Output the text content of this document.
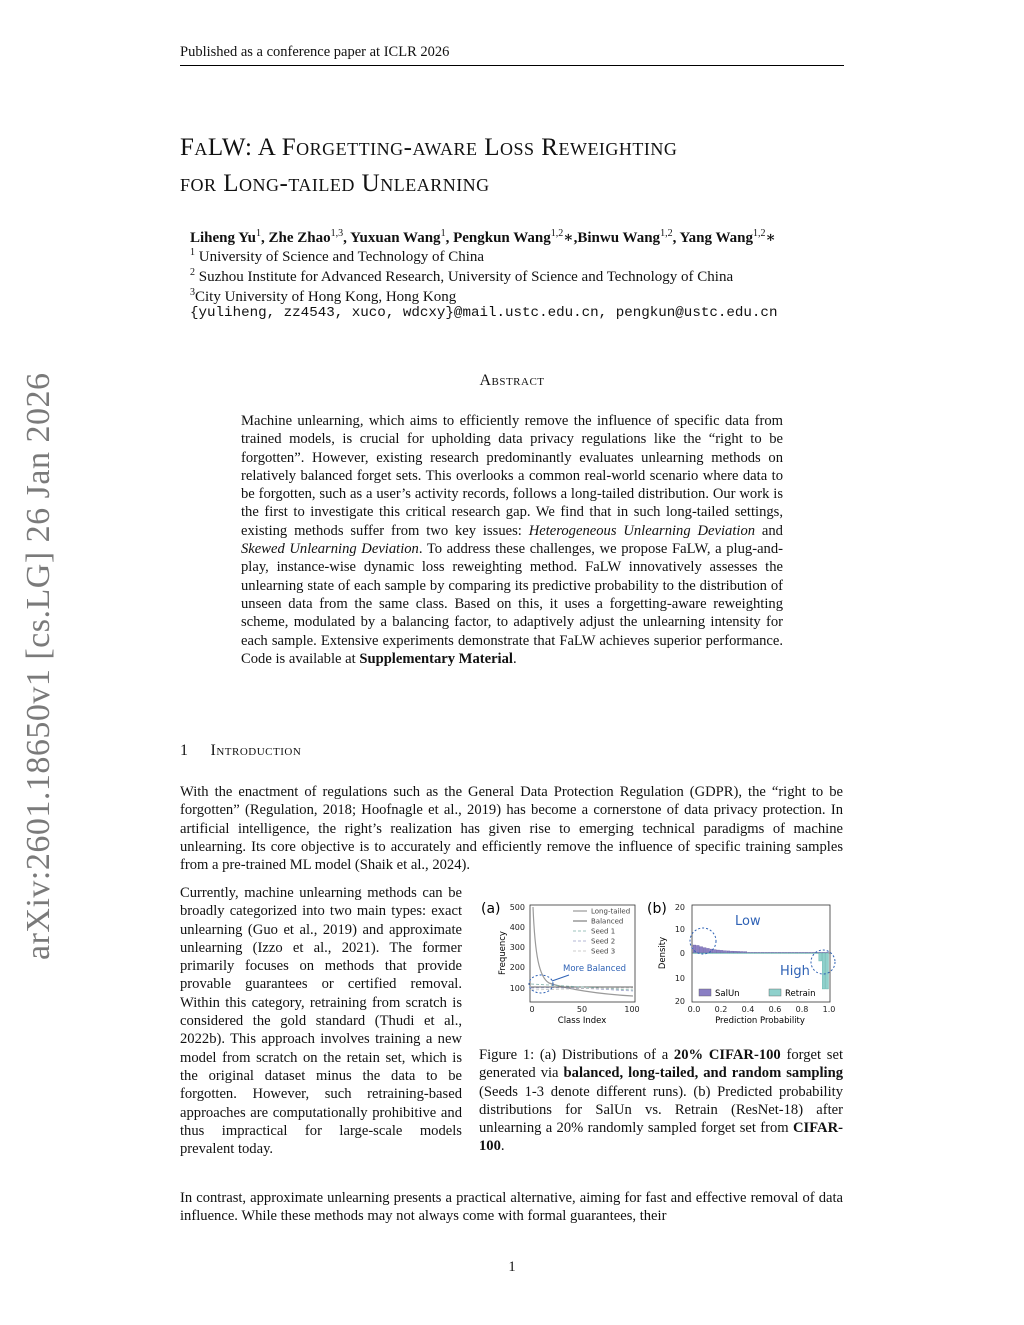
Published as a conference paper at ICLR 2026
arXiv:2601.18650v1 [cs.LG] 26 Jan 2026
FaLW: A Forgetting-aware Loss Reweighting
for Long-tailed Unlearning
Liheng Yu$^1$, Zhe Zhao$^{1,3}$, Yuxuan Wang$^1$, Pengkun Wang$^{1,2}$∗,Binwu Wang$^{1,2}$, Yang Wang$^{1,2}$∗
$^1$ University of Science and Technology of China
$^2$ Suzhou Institute for Advanced Research, University of Science and Technology of China
$^3$City University of Hong Kong, Hong Kong
{yuliheng, zz4543, xuco, wdcxy}@mail.ustc.edu.cn, pengkun@ustc.edu.cn
Abstract
Machine unlearning, which aims to efficiently remove the influence of specific data from trained models, is crucial for upholding data privacy regulations like the “right to be forgotten”. However, existing research predominantly evaluates unlearning methods on relatively balanced forget sets. This overlooks a common real-world scenario where data to be forgotten, such as a user’s activity records, follows a long-tailed distribution. Our work is the first to investigate this critical research gap. We find that in such long-tailed settings, existing methods suffer from two key issues: Heterogeneous Unlearning Deviation and Skewed Unlearning Deviation. To address these challenges, we propose FaLW, a plug-and-play, instance-wise dynamic loss reweighting method. FaLW innovatively assesses the unlearning state of each sample by comparing its predictive probability to the distribution of unseen data from the same class. Based on this, it uses a forgetting-aware reweighting scheme, modulated by a balancing factor, to adaptively adjust the unlearning intensity for each sample. Extensive experiments demonstrate that FaLW achieves superior performance. Code is available at Supplementary Material.
1 Introduction
With the enactment of regulations such as the General Data Protection Regulation (GDPR), the “right to be forgotten” (Regulation, 2018; Hoofnagle et al., 2019) has become a cornerstone of data privacy protection. In artificial intelligence, the right’s realization has given rise to emerging technical paradigms of machine unlearning. Its core objective is to accurately and efficiently remove the influence of specific training samples from a pre-trained ML model (Shaik et al., 2024).
Currently, machine unlearning methods can be broadly categorized into two main types: exact unlearning (Guo et al., 2019) and approximate unlearning (Izzo et al., 2021). The former primarily focuses on methods that provide provable guarantees or certified removal. Within this category, retraining from scratch is considered the gold standard (Thudi et al., 2022b). This approach involves training a new model from scratch on the retain set, which is the original dataset minus the data to be forgotten. However, such retraining-based approaches are computationally prohibitive and thus impractical for large-scale models prevalent today.
(a) 500
400
300
200
100
0	50	100
Class Index
Frequency	More Balanced
Long-tailed
Balanced
Seed 1
Seed 2
Seed 3
(b) 20
10
0
10
20
0.0 0.2 0.4 0.6 0.8 1.0
Prediction Probability
Density
Low
High
SalUn	Retrain
Figure 1: (a) Distributions of a 20% CIFAR-100 forget set generated via balanced, long-tailed, and random sampling (Seeds 1-3 denote different runs). (b) Predicted probability distributions for SalUn vs. Retrain (ResNet-18) after unlearning a 20% randomly sampled forget set from CIFAR-100.
In contrast, approximate unlearning presents a practical alternative, aiming for fast and effective removal of data influence. While these methods may not always come with formal guarantees, their
1
